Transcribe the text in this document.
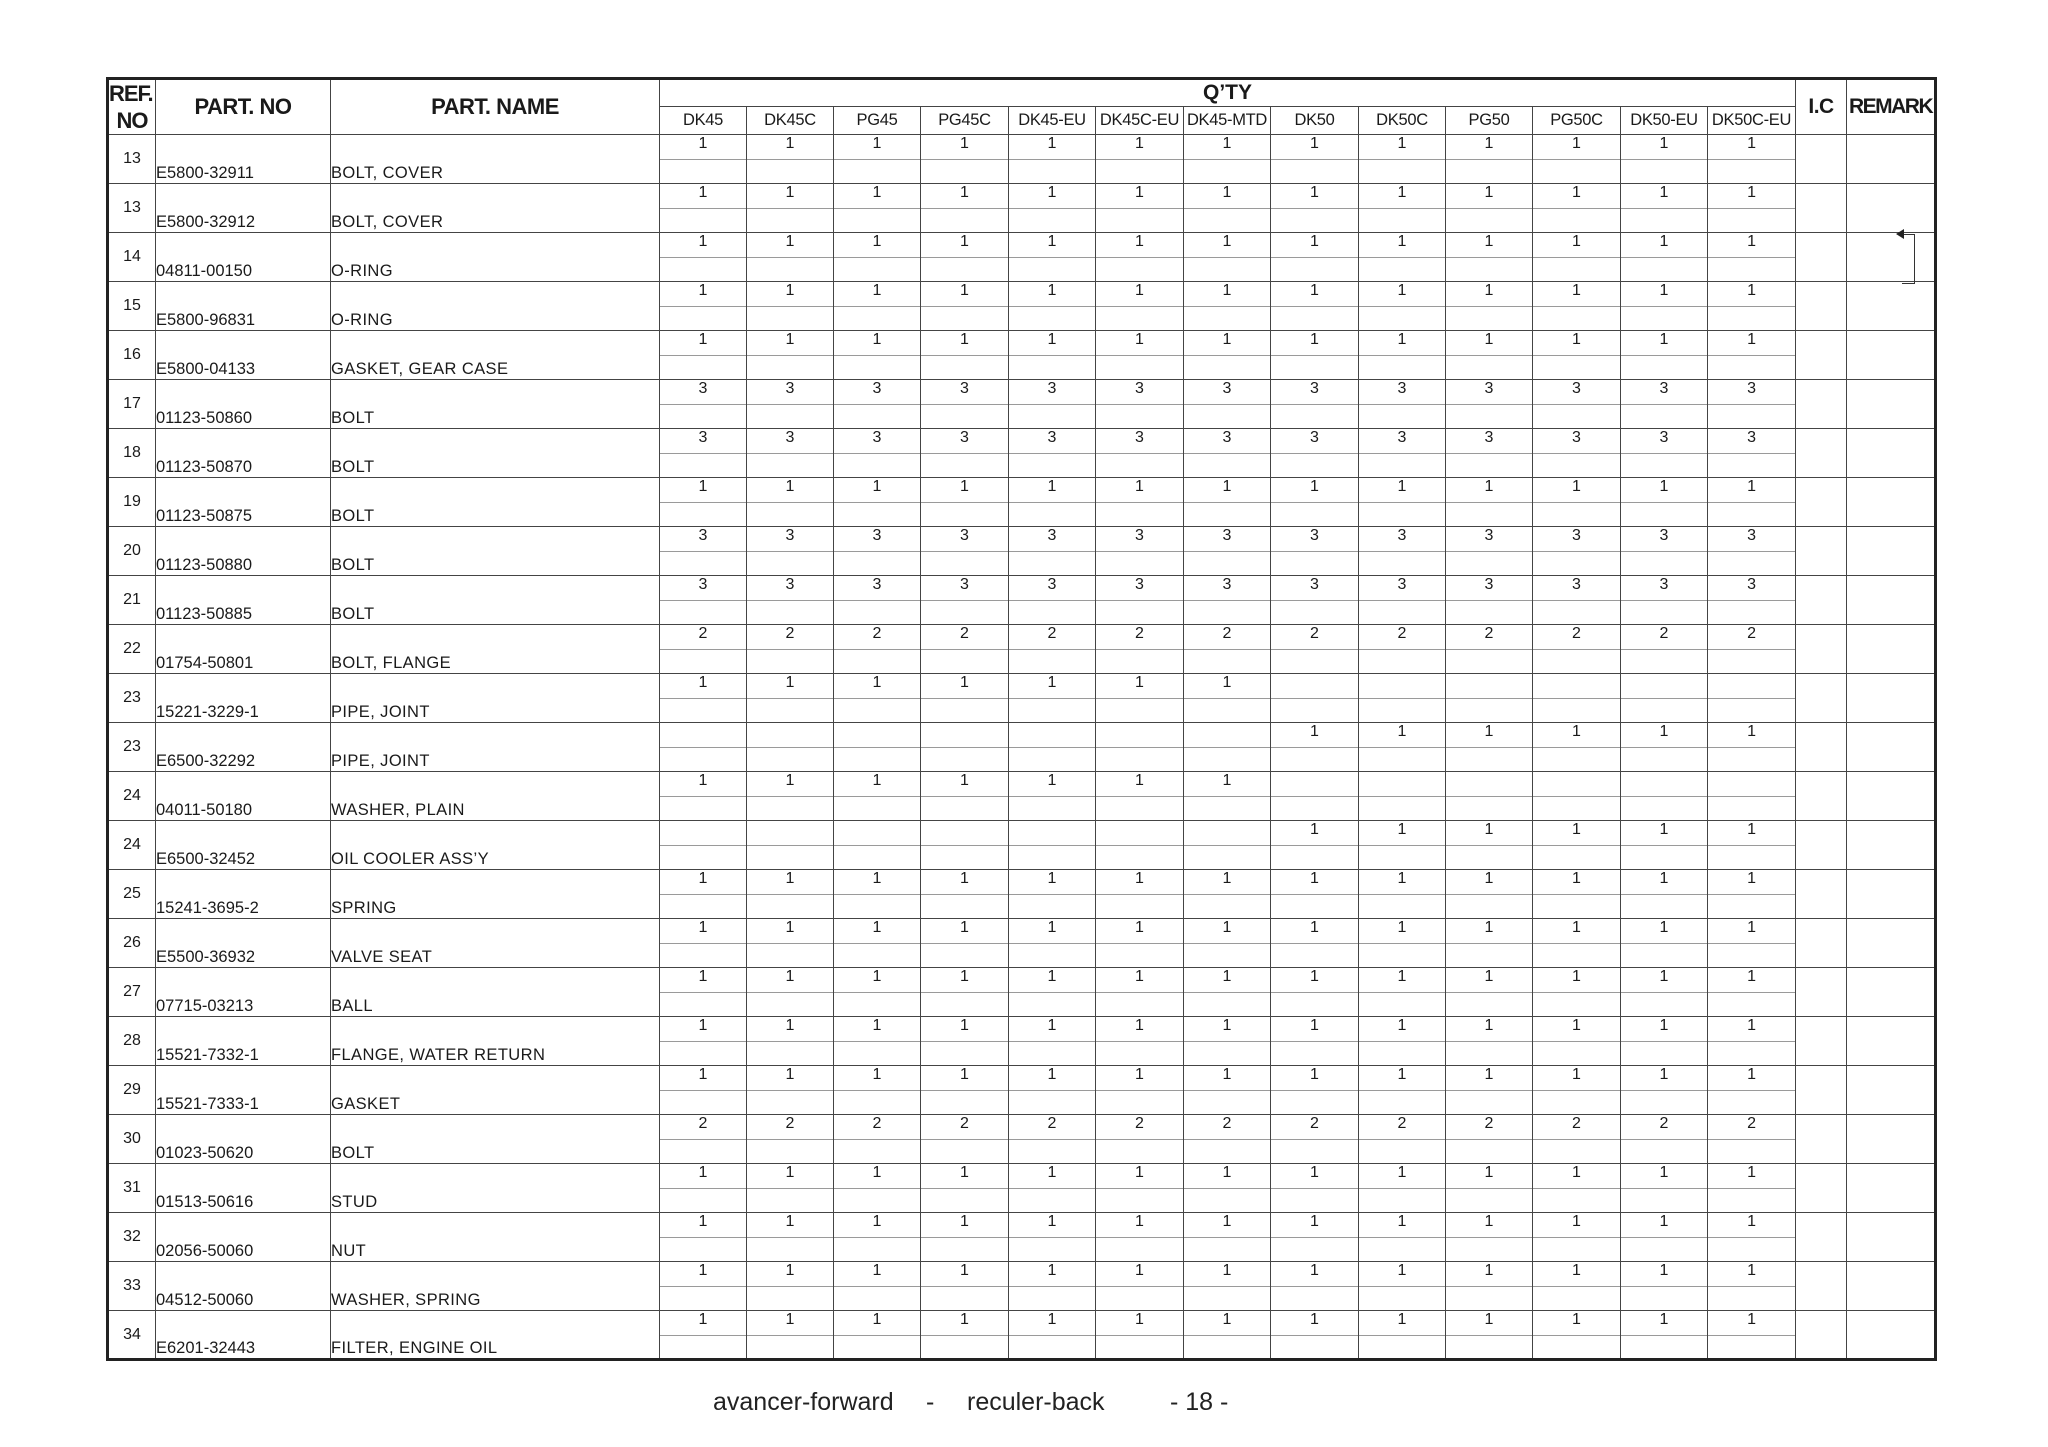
REF.
NO	PART. NO	PART. NAME	Q’TY													I.C	REMARK
			DK45	DK45C	PG45	PG45C	DK45-EU	DK45C-EU	DK45-MTD	DK50	DK50C	PG50	PG50C	DK50-EU	DK50C-EU		
13	E5800-32911	BOLT, COVER	1	1	1	1	1	1	1	1	1	1	1	1	1		
13	E5800-32912	BOLT, COVER	1	1	1	1	1	1	1	1	1	1	1	1	1		
14	04811-00150	O-RING	1	1	1	1	1	1	1	1	1	1	1	1	1		
15	E5800-96831	O-RING	1	1	1	1	1	1	1	1	1	1	1	1	1		
16	E5800-04133	GASKET, GEAR CASE	1	1	1	1	1	1	1	1	1	1	1	1	1		
17	01123-50860	BOLT	3	3	3	3	3	3	3	3	3	3	3	3	3		
18	01123-50870	BOLT	3	3	3	3	3	3	3	3	3	3	3	3	3		
19	01123-50875	BOLT	1	1	1	1	1	1	1	1	1	1	1	1	1		
20	01123-50880	BOLT	3	3	3	3	3	3	3	3	3	3	3	3	3		
21	01123-50885	BOLT	3	3	3	3	3	3	3	3	3	3	3	3	3		
22	01754-50801	BOLT, FLANGE	2	2	2	2	2	2	2	2	2	2	2	2	2		
23	15221-3229-1	PIPE, JOINT	1	1	1	1	1	1	1								
23	E6500-32292	PIPE, JOINT								1	1	1	1	1	1		
24	04011-50180	WASHER, PLAIN	1	1	1	1	1	1	1								
24	E6500-32452	OIL COOLER ASS’Y								1	1	1	1	1	1		
25	15241-3695-2	SPRING	1	1	1	1	1	1	1	1	1	1	1	1	1		
26	E5500-36932	VALVE SEAT	1	1	1	1	1	1	1	1	1	1	1	1	1		
27	07715-03213	BALL	1	1	1	1	1	1	1	1	1	1	1	1	1		
28	15521-7332-1	FLANGE, WATER RETURN	1	1	1	1	1	1	1	1	1	1	1	1	1		
29	15521-7333-1	GASKET	1	1	1	1	1	1	1	1	1	1	1	1	1		
30	01023-50620	BOLT	2	2	2	2	2	2	2	2	2	2	2	2	2		
31	01513-50616	STUD	1	1	1	1	1	1	1	1	1	1	1	1	1		
32	02056-50060	NUT	1	1	1	1	1	1	1	1	1	1	1	1	1		
33	04512-50060	WASHER, SPRING	1	1	1	1	1	1	1	1	1	1	1	1	1		
34	E6201-32443	FILTER, ENGINE OIL	1	1	1	1	1	1	1	1	1	1	1	1	1		
avancer-forward - reculer-back	- 18 -
